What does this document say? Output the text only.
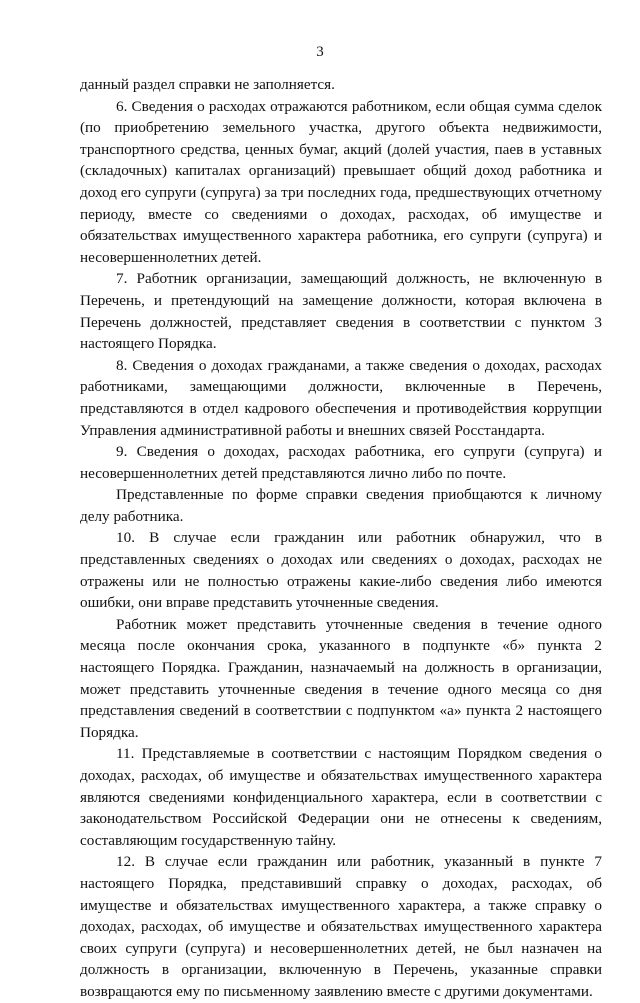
3

данный раздел справки не заполняется.

6. Сведения о расходах отражаются работником, если общая сумма сделок (по приобретению земельного участка, другого объекта недвижимости, транспортного средства, ценных бумаг, акций (долей участия, паев в уставных (складочных) капиталах организаций) превышает общий доход работника и доход его супруги (супруга) за три последних года, предшествующих отчетному периоду, вместе со сведениями о доходах, расходах, об имуществе и обязательствах имущественного характера работника, его супруги (супруга) и несовершеннолетних детей.

7. Работник организации, замещающий должность, не включенную в Перечень, и претендующий на замещение должности, которая включена в Перечень должностей, представляет сведения в соответствии с пунктом 3 настоящего Порядка.

8. Сведения о доходах гражданами, а также сведения о доходах, расходах работниками, замещающими должности, включенные в Перечень, представляются в отдел кадрового обеспечения и противодействия коррупции Управления административной работы и внешних связей Росстандарта.

9. Сведения о доходах, расходах работника, его супруги (супруга) и несовершеннолетних детей представляются лично либо по почте.

Представленные по форме справки сведения приобщаются к личному делу работника.

10. В случае если гражданин или работник обнаружил, что в представленных сведениях о доходах или сведениях о доходах, расходах не отражены или не полностью отражены какие-либо сведения либо имеются ошибки, они вправе представить уточненные сведения.

Работник может представить уточненные сведения в течение одного месяца после окончания срока, указанного в подпункте «б» пункта 2 настоящего Порядка. Гражданин, назначаемый на должность в организации, может представить уточненные сведения в течение одного месяца со дня представления сведений в соответствии с подпунктом «а» пункта 2 настоящего Порядка.

11. Представляемые в соответствии с настоящим Порядком сведения о доходах, расходах, об имуществе и обязательствах имущественного характера являются сведениями конфиденциального характера, если в соответствии с законодательством Российской Федерации они не отнесены к сведениям, составляющим государственную тайну.

12. В случае если гражданин или работник, указанный в пункте 7 настоящего Порядка, представивший справку о доходах, расходах, об имуществе и обязательствах имущественного характера, а также справку о доходах, расходах, об имуществе и обязательствах имущественного характера своих супруги (супруга) и несовершеннолетних детей, не был назначен на должность в организации, включенную в Перечень, указанные справки возвращаются ему по письменному заявлению вместе с другими документами.
